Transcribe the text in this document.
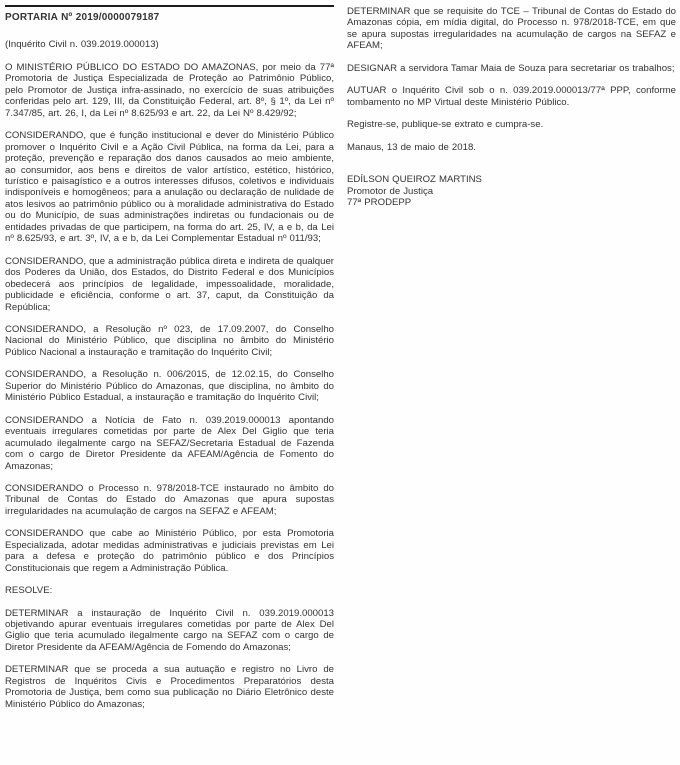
PORTARIA Nº 2019/0000079187

(Inquérito Civil n. 039.2019.000013)

O MINISTÉRIO PÚBLICO DO ESTADO DO AMAZONAS, por meio da 77ª Promotoria de Justiça Especializada de Proteção ao Patrimônio Público, pelo Promotor de Justiça infra-assinado, no exercício de suas atribuições conferidas pelo art. 129, III, da Constituição Federal, art. 8º, § 1º, da Lei nº 7.347/85, art. 26, I, da Lei nº 8.625/93 e art. 22, da Lei Nº 8.429/92;

CONSIDERANDO, que é função institucional e dever do Ministério Público promover o Inquérito Civil e a Ação Civil Pública, na forma da Lei, para a proteção, prevenção e reparação dos danos causados ao meio ambiente, ao consumidor, aos bens e direitos de valor artístico, estético, histórico, turístico e paisagístico e a outros interesses difusos, coletivos e individuais indisponíveis e homogêneos; para a anulação ou declaração de nulidade de atos lesivos ao patrimônio público ou à moralidade administrativa do Estado ou do Município, de suas administrações indiretas ou fundacionais ou de entidades privadas de que participem, na forma do art. 25, IV, a e b, da Lei nº 8.625/93, e art. 3º, IV, a e b, da Lei Complementar Estadual nº 011/93;

CONSIDERANDO, que a administração pública direta e indireta de qualquer dos Poderes da União, dos Estados, do Distrito Federal e dos Municípios obedecerá aos princípios de legalidade, impessoalidade, moralidade, publicidade e eficiência, conforme o art. 37, caput, da Constituição da República;

CONSIDERANDO, a Resolução nº 023, de 17.09.2007, do Conselho Nacional do Ministério Público, que disciplina no âmbito do Ministério Público Nacional a instauração e tramitação do Inquérito Civil;

CONSIDERANDO, a Resolução n. 006/2015, de 12.02.15, do Conselho Superior do Ministério Público do Amazonas, que disciplina, no âmbito do Ministério Público Estadual, a instauração e tramitação do Inquérito Civil;

CONSIDERANDO a Notícia de Fato n. 039.2019.000013 apontando eventuais irregulares cometidas por parte de Alex Del Giglio que teria acumulado ilegalmente cargo na SEFAZ/Secretaria Estadual de Fazenda com o cargo de Diretor Presidente da AFEAM/Agência de Fomento do Amazonas;

CONSIDERANDO o Processo n. 978/2018-TCE instaurado no âmbito do Tribunal de Contas do Estado do Amazonas que apura supostas irregularidades na acumulação de cargos na SEFAZ e AFEAM;

CONSIDERANDO que cabe ao Ministério Público, por esta Promotoria Especializada, adotar medidas administrativas e judiciais previstas em Lei para a defesa e proteção do patrimônio público e dos Princípios Constitucionais que regem a Administração Pública.

RESOLVE:

DETERMINAR a instauração de Inquérito Civil n. 039.2019.000013 objetivando apurar eventuais irregulares cometidas por parte de Alex Del Giglio que teria acumulado ilegalmente cargo na SEFAZ com o cargo de Diretor Presidente da AFEAM/Agência de Fomendo do Amazonas;

DETERMINAR que se proceda a sua autuação e registro no Livro de Registros de Inquéritos Civis e Procedimentos Preparatórios desta Promotoria de Justiça, bem como sua publicação no Diário Eletrônico deste Ministério Público do Amazonas;

DETERMINAR que se requisite do TCE – Tribunal de Contas do Estado do Amazonas cópia, em mídia digital, do Processo n. 978/2018-TCE, em que se apura supostas irregularidades na acumulação de cargos na SEFAZ e AFEAM;

DESIGNAR a servidora Tamar Maia de Souza para secretariar os trabalhos;

AUTUAR o Inquérito Civil sob o n. 039.2019.000013/77ª PPP, conforme tombamento no MP Virtual deste Ministério Público.

Registre-se, publique-se extrato e cumpra-se.

Manaus, 13 de maio de 2018.

EDÍLSON QUEIROZ MARTINS

Promotor de Justiça

77ª PRODEPP
